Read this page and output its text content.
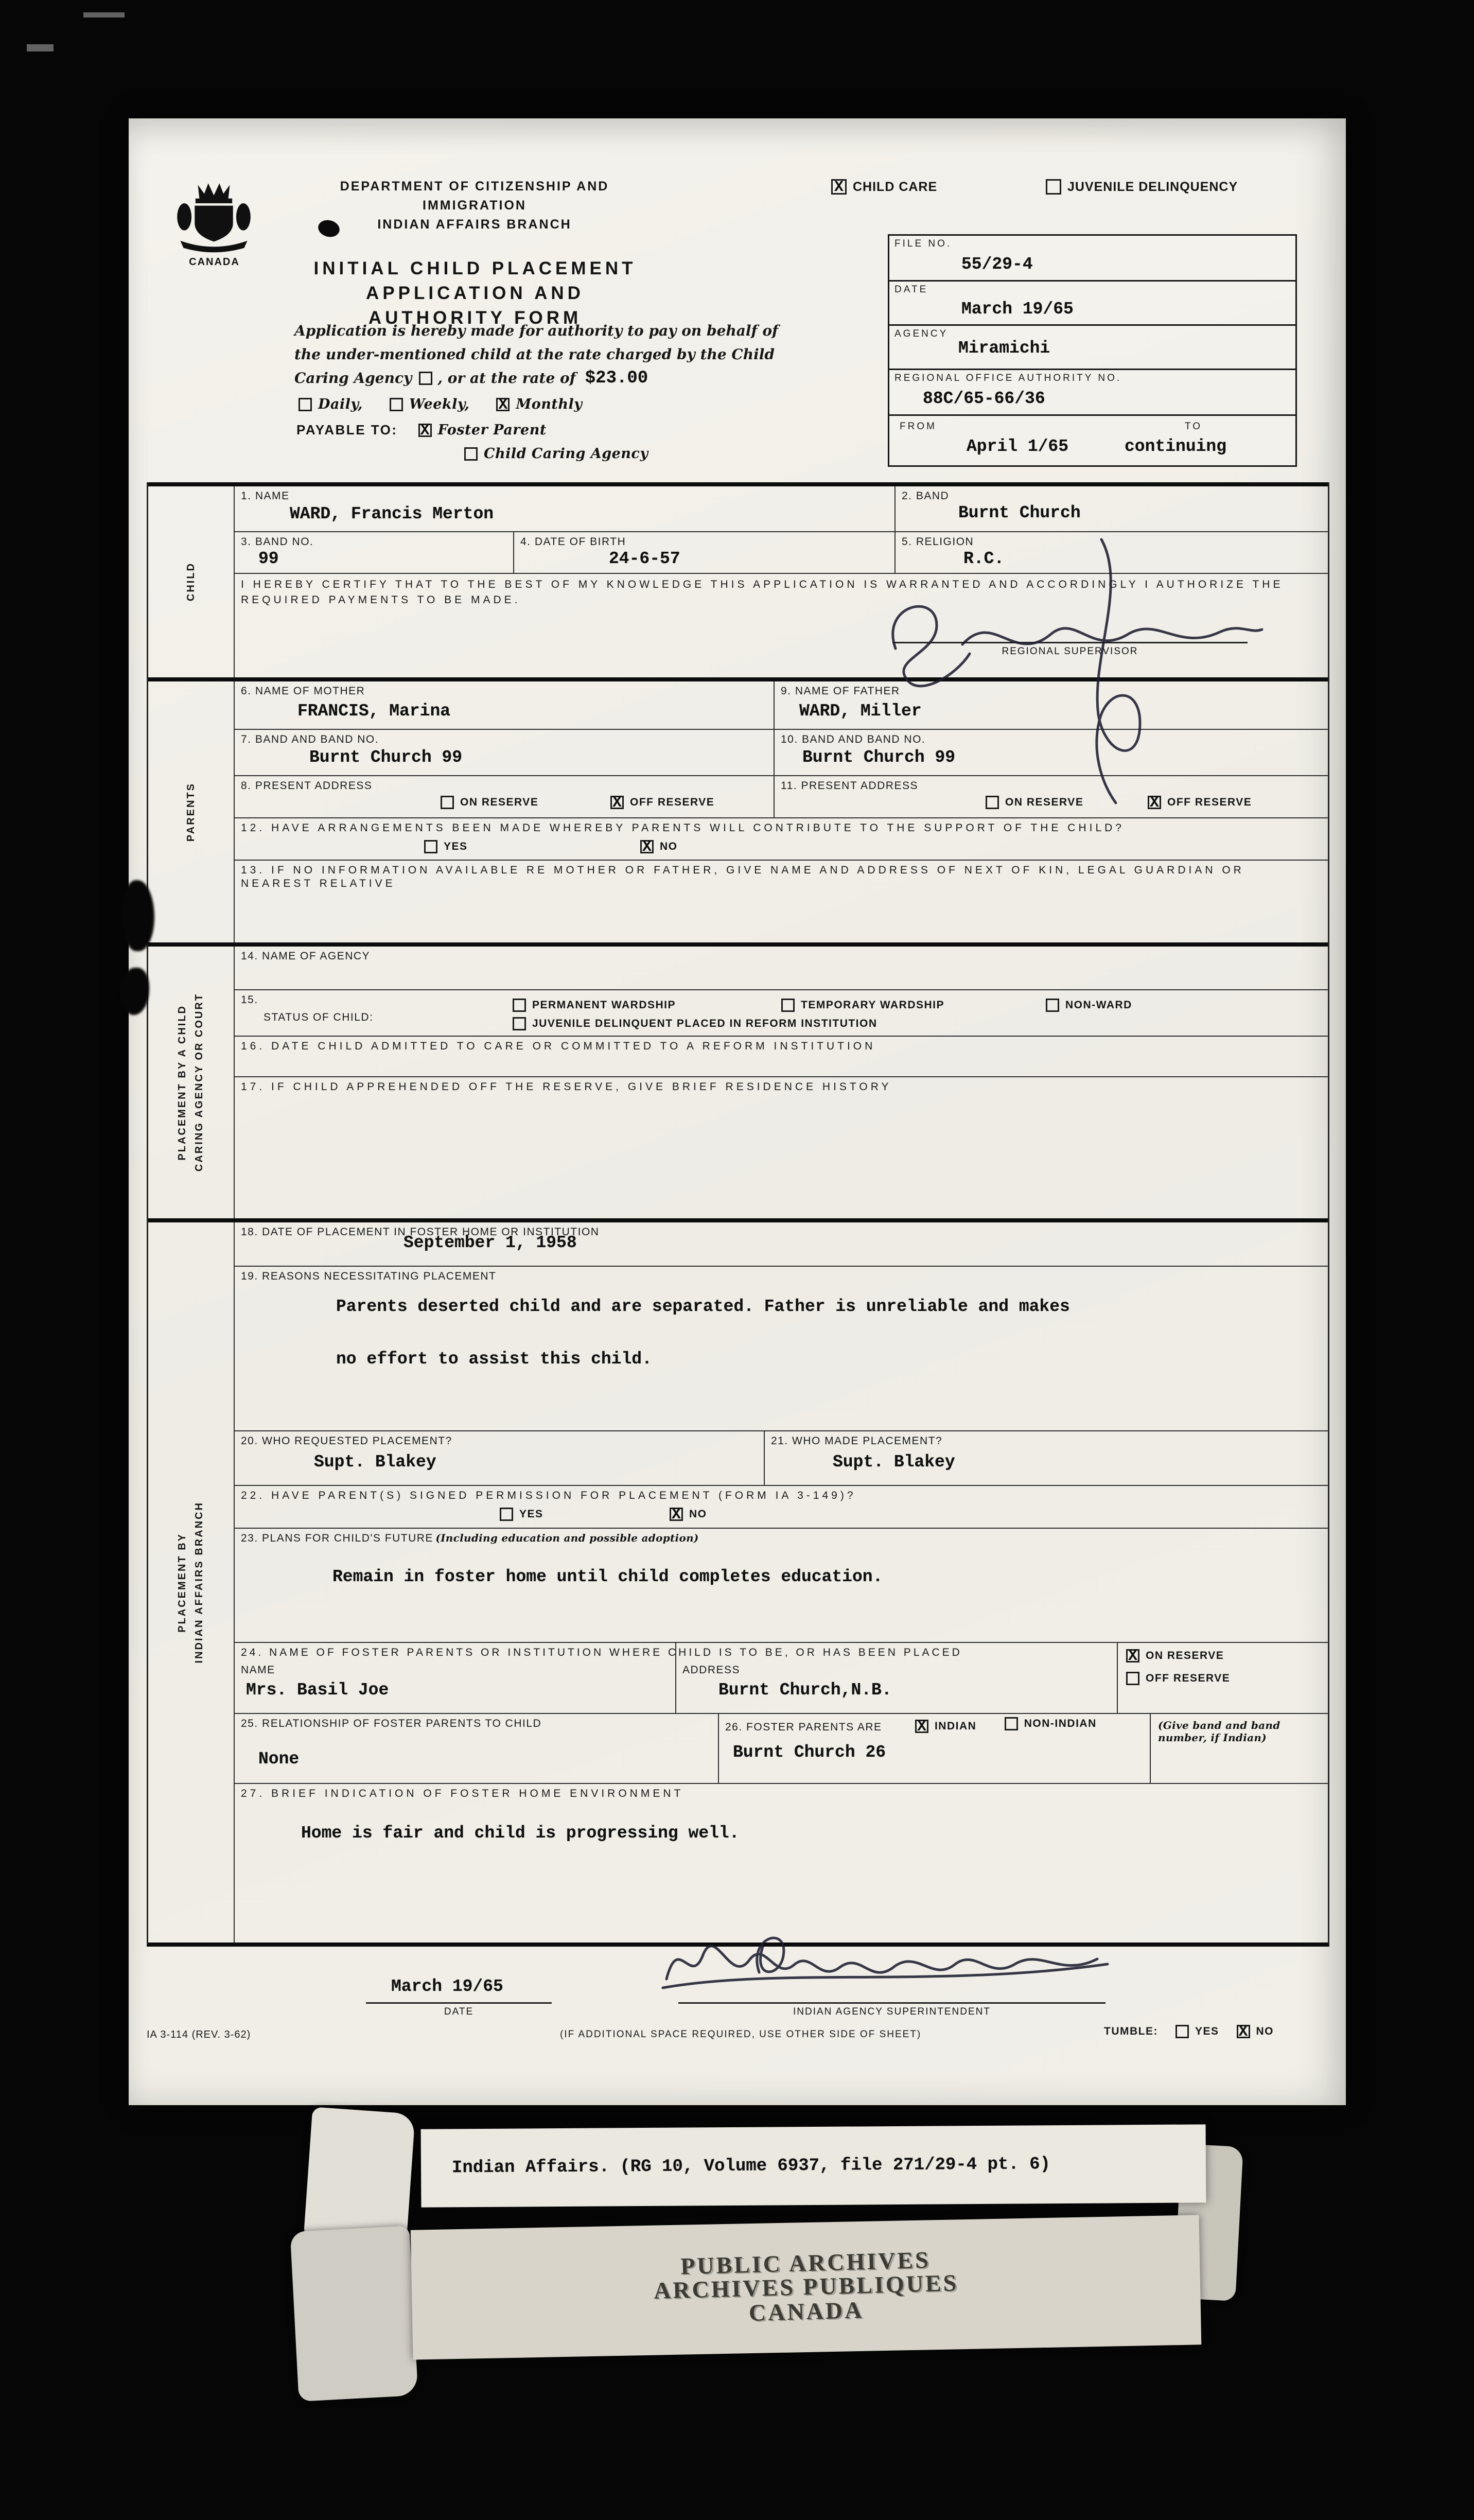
CANADA
DEPARTMENT OF CITIZENSHIP AND IMMIGRATION
INDIAN AFFAIRS BRANCH
X CHILD CARE	JUVENILE DELINQUENCY
INITIAL CHILD PLACEMENT APPLICATION AND
AUTHORITY FORM
Application is hereby made for authority to pay on behalf of
the under-mentioned child at the rate charged by the Child
Caring Agency , or at the rate of $23.00
Daily,	Weekly, X Monthly
PAYABLE TO: X Foster Parent
Child Caring Agency
FILE NO.
55/29-4
DATE
March 19/65
AGENCY
Miramichi
REGIONAL OFFICE AUTHORITY NO.
88C/65-66/36
FROM	TO
April 1/65	continuing
CHILD
1. NAME
WARD, Francis Merton
2. BAND
Burnt Church
3. BAND NO.
99
4. DATE OF BIRTH
24-6-57
5. RELIGION
R.C.
I HEREBY CERTIFY THAT TO THE BEST OF MY KNOWLEDGE THIS APPLICATION IS WARRANTED AND ACCORDINGLY I AUTHORIZE THE REQUIRED PAYMENTS TO BE MADE.
REGIONAL SUPERVISOR
PARENTS
6. NAME OF MOTHER
FRANCIS, Marina
9. NAME OF FATHER
WARD, Miller
7. BAND AND BAND NO.
Burnt Church 99
10. BAND AND BAND NO.
Burnt Church 99
8. PRESENT ADDRESS
ON RESERVE	X OFF RESERVE
11. PRESENT ADDRESS
ON RESERVE	X OFF RESERVE
12. HAVE ARRANGEMENTS BEEN MADE WHEREBY PARENTS WILL CONTRIBUTE TO THE SUPPORT OF THE CHILD?
YES	X NO
13. IF NO INFORMATION AVAILABLE RE MOTHER OR FATHER, GIVE NAME AND ADDRESS OF NEXT OF KIN, LEGAL GUARDIAN OR NEAREST RELATIVE
PLACEMENT BY A CHILD CARING AGENCY OR COURT
14. NAME OF AGENCY
15.
STATUS OF CHILD:
PERMANENT WARDSHIP	TEMPORARY WARDSHIP	NON-WARD
JUVENILE DELINQUENT PLACED IN REFORM INSTITUTION
16. DATE CHILD ADMITTED TO CARE OR COMMITTED TO A REFORM INSTITUTION
17. IF CHILD APPREHENDED OFF THE RESERVE, GIVE BRIEF RESIDENCE HISTORY
PLACEMENT BY INDIAN AFFAIRS BRANCH
18. DATE OF PLACEMENT IN FOSTER HOME OR INSTITUTION
September 1, 1958
19. REASONS NECESSITATING PLACEMENT
Parents deserted child and are separated. Father is unreliable and makes
no effort to assist this child.
20. WHO REQUESTED PLACEMENT?
Supt. Blakey
21. WHO MADE PLACEMENT?
Supt. Blakey
22. HAVE PARENT(S) SIGNED PERMISSION FOR PLACEMENT (FORM IA 3-149)?
YES	X NO
23. PLANS FOR CHILD'S FUTURE (Including education and possible adoption)
Remain in foster home until child completes education.
24. NAME OF FOSTER PARENTS OR INSTITUTION WHERE CHILD IS TO BE, OR HAS BEEN PLACED
NAME
Mrs. Basil Joe
ADDRESS
Burnt Church,N.B.
X ON RESERVE
OFF RESERVE
25. RELATIONSHIP OF FOSTER PARENTS TO CHILD
None
26. FOSTER PARENTS ARE X INDIAN
	NON-INDIAN
Burnt Church 26
(Give band and band
number, if Indian)
27. BRIEF INDICATION OF FOSTER HOME ENVIRONMENT
Home is fair and child is progressing well.
March 19/65
DATE	INDIAN AGENCY SUPERINTENDENT
(IF ADDITIONAL SPACE REQUIRED, USE OTHER SIDE OF SHEET)
IA 3-114 (REV. 3-62)	TUMBLE:	YES X NO
Indian Affairs. (RG 10, Volume 6937, file 271/29-4 pt. 6)
PUBLIC ARCHIVES
ARCHIVES PUBLIQUES
CANADA
